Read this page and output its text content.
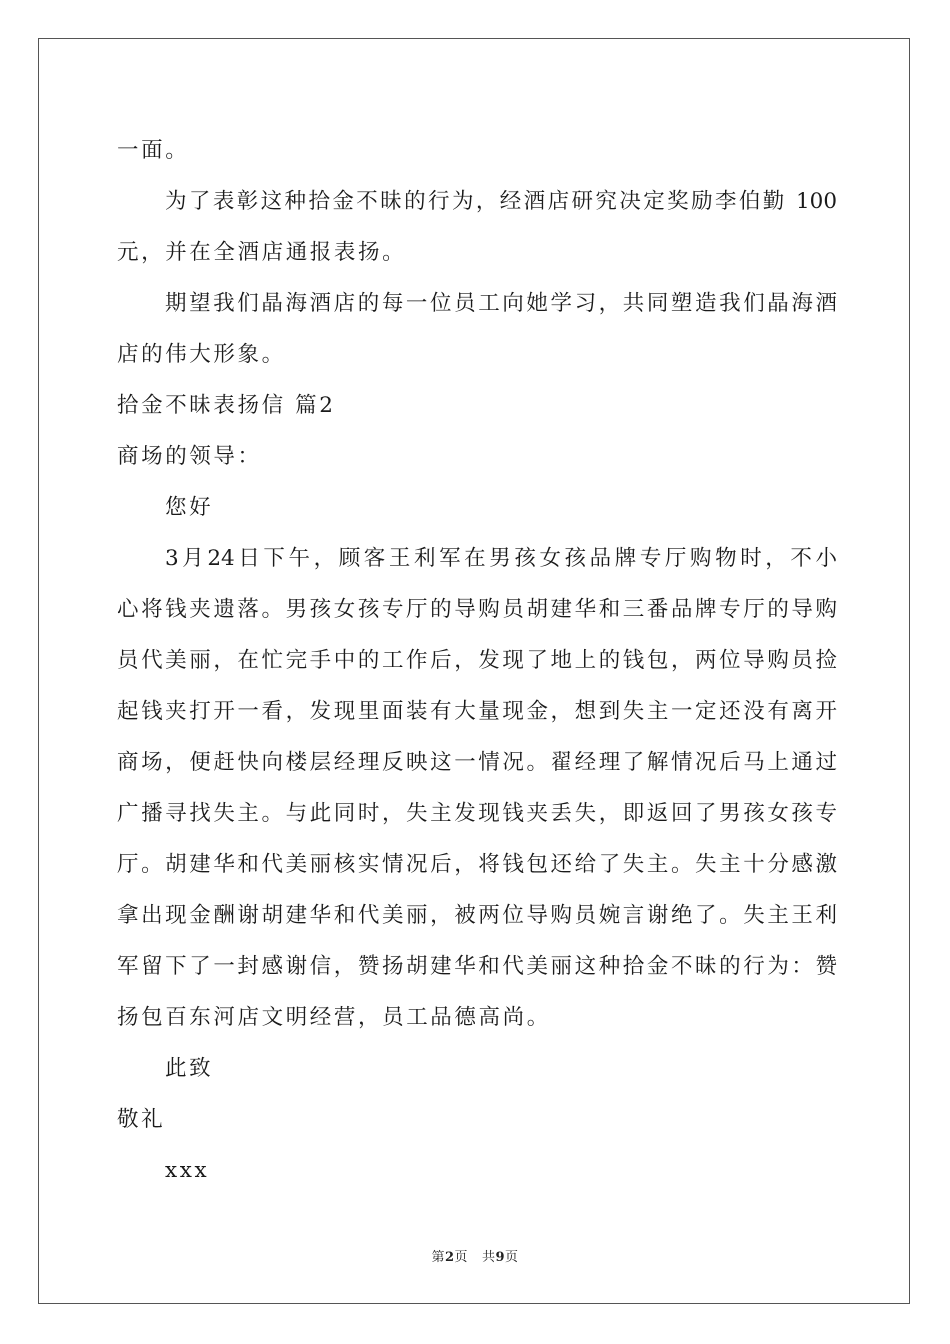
一面。
为了表彰这种拾金不昧的行为，经酒店研究决定奖励李伯勤 100
元，并在全酒店通报表扬。
期望我们晶海酒店的每一位员工向她学习，共同塑造我们晶海酒
店的伟大形象。
拾金不昧表扬信 篇2
商场的领导：
您好
3月24日下午，顾客王利军在男孩女孩品牌专厅购物时，不小
心将钱夹遗落。男孩女孩专厅的导购员胡建华和三番品牌专厅的导购
员代美丽，在忙完手中的工作后，发现了地上的钱包，两位导购员捡
起钱夹打开一看，发现里面装有大量现金，想到失主一定还没有离开
商场，便赶快向楼层经理反映这一情况。翟经理了解情况后马上通过
广播寻找失主。与此同时，失主发现钱夹丢失，即返回了男孩女孩专
厅。胡建华和代美丽核实情况后，将钱包还给了失主。失主十分感激
拿出现金酬谢胡建华和代美丽，被两位导购员婉言谢绝了。失主王利
军留下了一封感谢信，赞扬胡建华和代美丽这种拾金不昧的行为：赞
扬包百东河店文明经营，员工品德高尚。
此致
敬礼
xxx
第2页 共9页
